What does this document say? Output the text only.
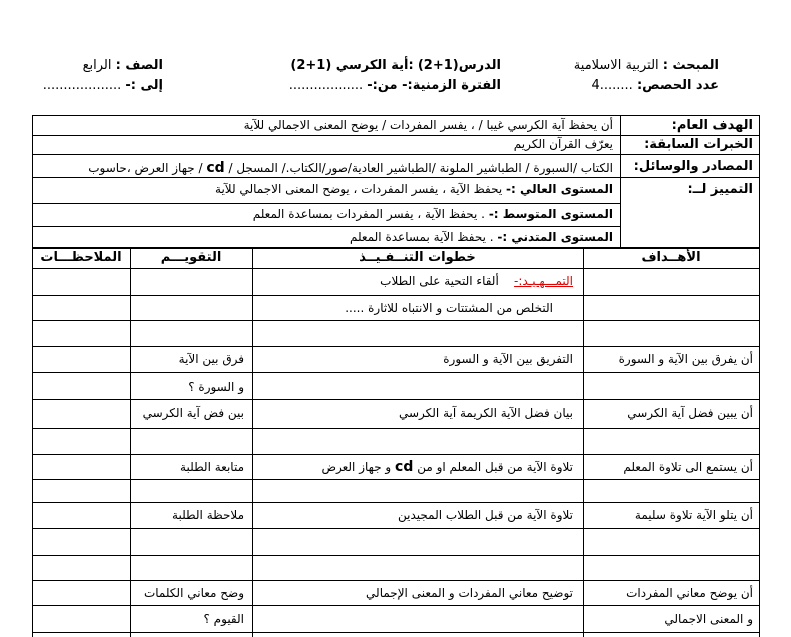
المبحث : التربية الاسلامية
الدرس(1+2) :أية الكرسي (1+2)
الصف : الرابع
عدد الحصص: ........4
الفترة الزمنية:- من:- ..................
إلى :- ...................
الهدف العام:
أن يحفظ آية الكرسي غيبا / ، يفسر المفردات / يوضح المعنى الاجمالي للآية
الخبرات السابقة:
يعرّف القرآن الكريم
المصادر والوسائل:
الكتاب /السبورة / الطباشير الملونة /الطباشير العادية/صور/الكتاب./ المسجل / cd / جهاز العرض ،حاسوب
التمييز لــ:
المستوى العالي :- يحفظ الآية ، يفسر المفردات ، يوضح المعنى الاجمالي للآية
المستوى المتوسط :- . يحفظ الآية ، يفسر المفردات بمساعدة المعلم
المستوى المتدني :- . يحفظ الآية بمساعدة المعلم
الأهــداف
خطوات التنــفـيــذ
التقويـــم
الملاحظـــات
التمـــهـيـد:-    ألقاء التحية على الطلاب
التخلص من المشتتات و الانتباه للاثارة .....
أن يفرق بين الآية و السورة
التفريق بين الآية و السورة
فرق بين الآية
و السورة ؟
أن يبين فضل آية الكرسي
بيان فضل الآية الكريمة آية الكرسي
بين فض آية الكرسي
أن يستمع الى تلاوة المعلم
تلاوة الآية من قبل المعلم او من cd و جهاز العرض
متابعة الطلبة
أن يتلو الآية تلاوة سليمة
تلاوة الآية من قبل الطلاب المجيدين
ملاحظة الطلبة
أن يوضح معاني المفردات
توضيح معاني المفردات و المعنى الإجمالي
وضح معاني الكلمات
و المعنى الاجمالي
القيوم ؟
